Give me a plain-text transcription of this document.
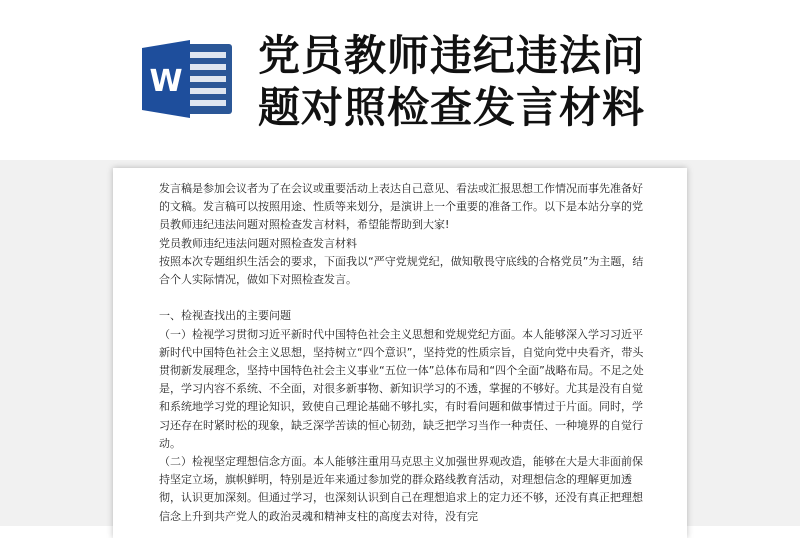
W
党员教师违纪违法问
题对照检查发言材料

发言稿是参加会议者为了在会议或重要活动上表达自己意见、看法或汇报思想工作情况而事先准备好的文稿。发言稿可以按照用途、性质等来划分，是演讲上一个重要的准备工作。以下是本站分享的党员教师违纪违法问题对照检查发言材料，希望能帮助到大家!

党员教师违纪违法问题对照检查发言材料

按照本次专题组织生活会的要求，下面我以“严守党规党纪，做知敬畏守底线的合格党员”为主题，结合个人实际情况，做如下对照检查发言。

一、检视查找出的主要问题

（一）检视学习贯彻习近平新时代中国特色社会主义思想和党规党纪方面。本人能够深入学习习近平新时代中国特色社会主义思想，坚持树立“四个意识”，坚持党的性质宗旨，自觉向党中央看齐，带头贯彻新发展理念，坚持中国特色社会主义事业“五位一体”总体布局和“四个全面”战略布局。不足之处是，学习内容不系统、不全面，对很多新事物、新知识学习的不透，掌握的不够好。尤其是没有自觉和系统地学习党的理论知识，致使自己理论基础不够扎实，有时看问题和做事情过于片面。同时，学习还存在时紧时松的现象，缺乏深学苦读的恒心韧劲，缺乏把学习当作一种责任、一种境界的自觉行动。

（二）检视坚定理想信念方面。本人能够注重用马克思主义加强世界观改造，能够在大是大非面前保持坚定立场，旗帜鲜明，特别是近年来通过参加党的群众路线教育活动，对理想信念的理解更加透彻，认识更加深刻。但通过学习，也深刻认识到自己在理想追求上的定力还不够，还没有真正把理想信念上升到共产党人的政治灵魂和精神支柱的高度去对待，没有完
